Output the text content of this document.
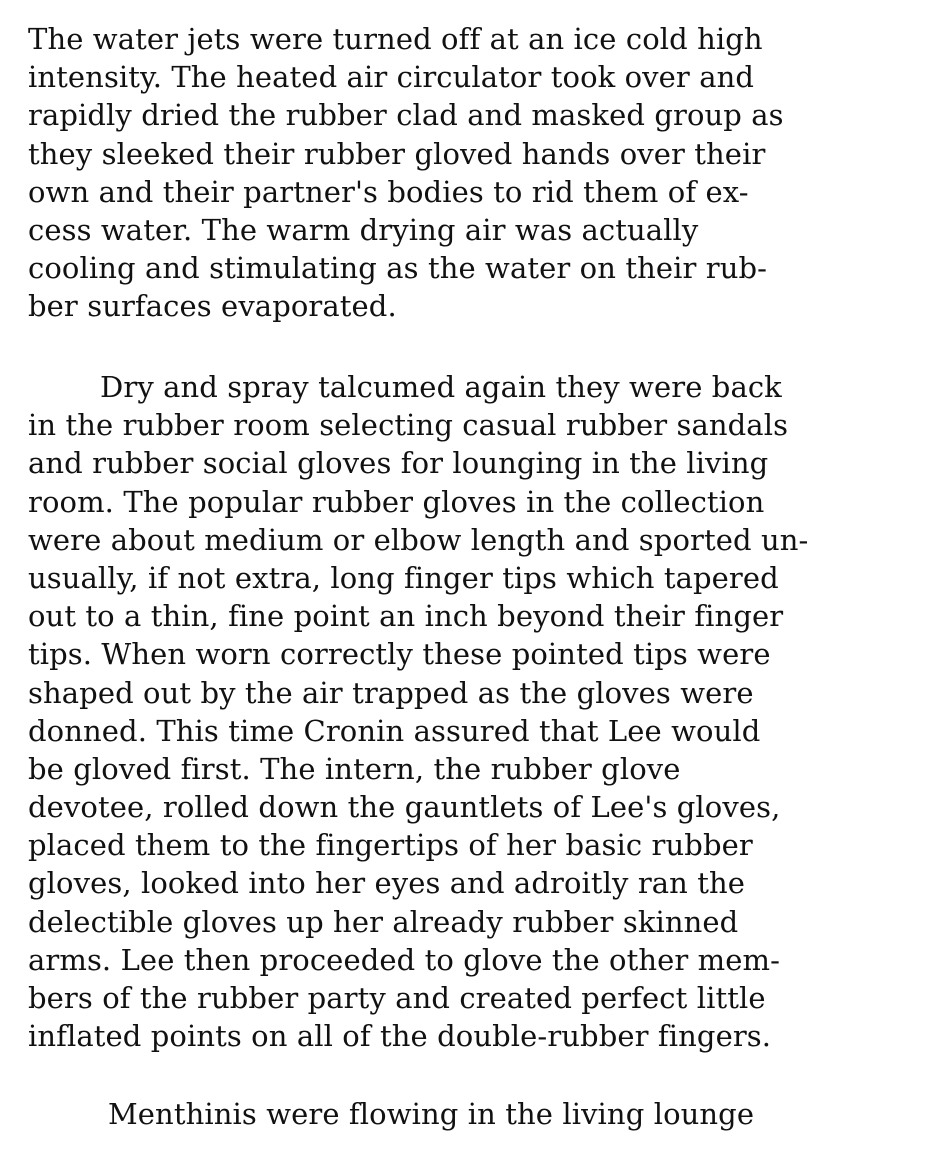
The water jets were turned off at an ice cold high
intensity. The heated air circulator took over and
rapidly dried the rubber clad and masked group as
they sleeked their rubber gloved hands over their
own and their partner's bodies to rid them of ex-
cess water. The warm drying air was actually
cooling and stimulating as the water on their rub-
ber surfaces evaporated.
Dry and spray talcumed again they were back
in the rubber room selecting casual rubber sandals
and rubber social gloves for lounging in the living
room. The popular rubber gloves in the collection
were about medium or elbow length and sported un-
usually, if not extra, long finger tips which tapered
out to a thin, fine point an inch beyond their finger
tips. When worn correctly these pointed tips were
shaped out by the air trapped as the gloves were
donned. This time Cronin assured that Lee would
be gloved first. The intern, the rubber glove
devotee, rolled down the gauntlets of Lee's gloves,
placed them to the fingertips of her basic rubber
gloves, looked into her eyes and adroitly ran the
delectible gloves up her already rubber skinned
arms. Lee then proceeded to glove the other mem-
bers of the rubber party and created perfect little
inflated points on all of the double-rubber fingers.
Menthinis were flowing in the living lounge
